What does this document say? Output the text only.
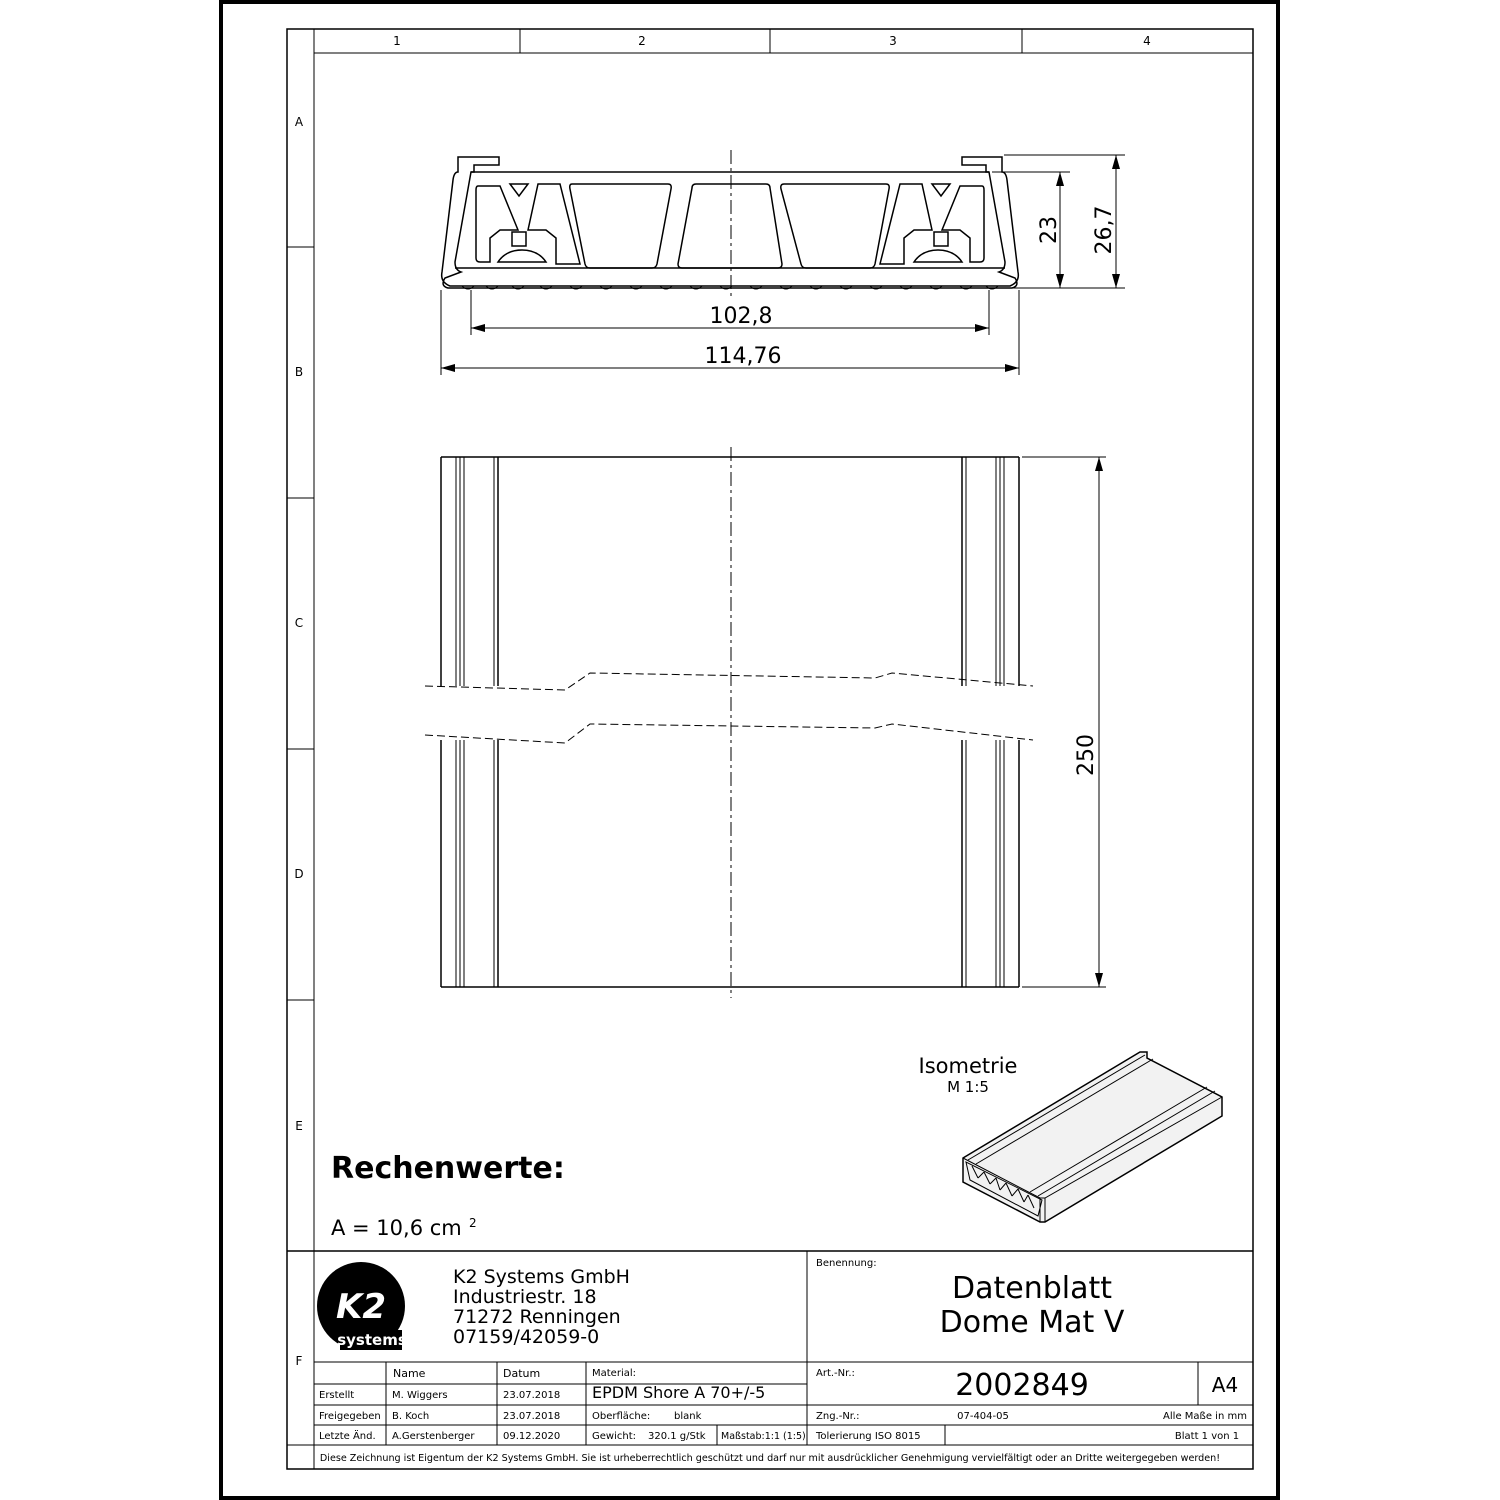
1	2	3	4
A
B
C
D
E
F
23 26,7
102,8
114,76
250
Isometrie
M 1:5
Rechenwerte:
A = 10,6 cm 2
K2
systems
K2 Systems GmbH
Industriestr. 18
71272 Renningen
07159/42059-0
Benennung:
Datenblatt
Dome Mat V
Name	Datum
Erstellt	M. Wiggers	23.07.2018
Freigegeben B. Koch	23.07.2018
Letzte Änd. A.Gerstenberger	09.12.2020
Material:
EPDM Shore A 70+/-5
Oberfläche: blank
Gewicht: 320.1 g/Stk Maßstab:1:1 (1:5)
Art.-Nr.:	2002849	A4
Zng.-Nr.:	07-404-05	Alle Maße in mm
Tolerierung ISO 8015	Blatt 1 von 1
Diese Zeichnung ist Eigentum der K2 Systems GmbH. Sie ist urheberrechtlich geschützt und darf nur mit ausdrücklicher Genehmigung vervielfältigt oder an Dritte weitergegeben werden!
